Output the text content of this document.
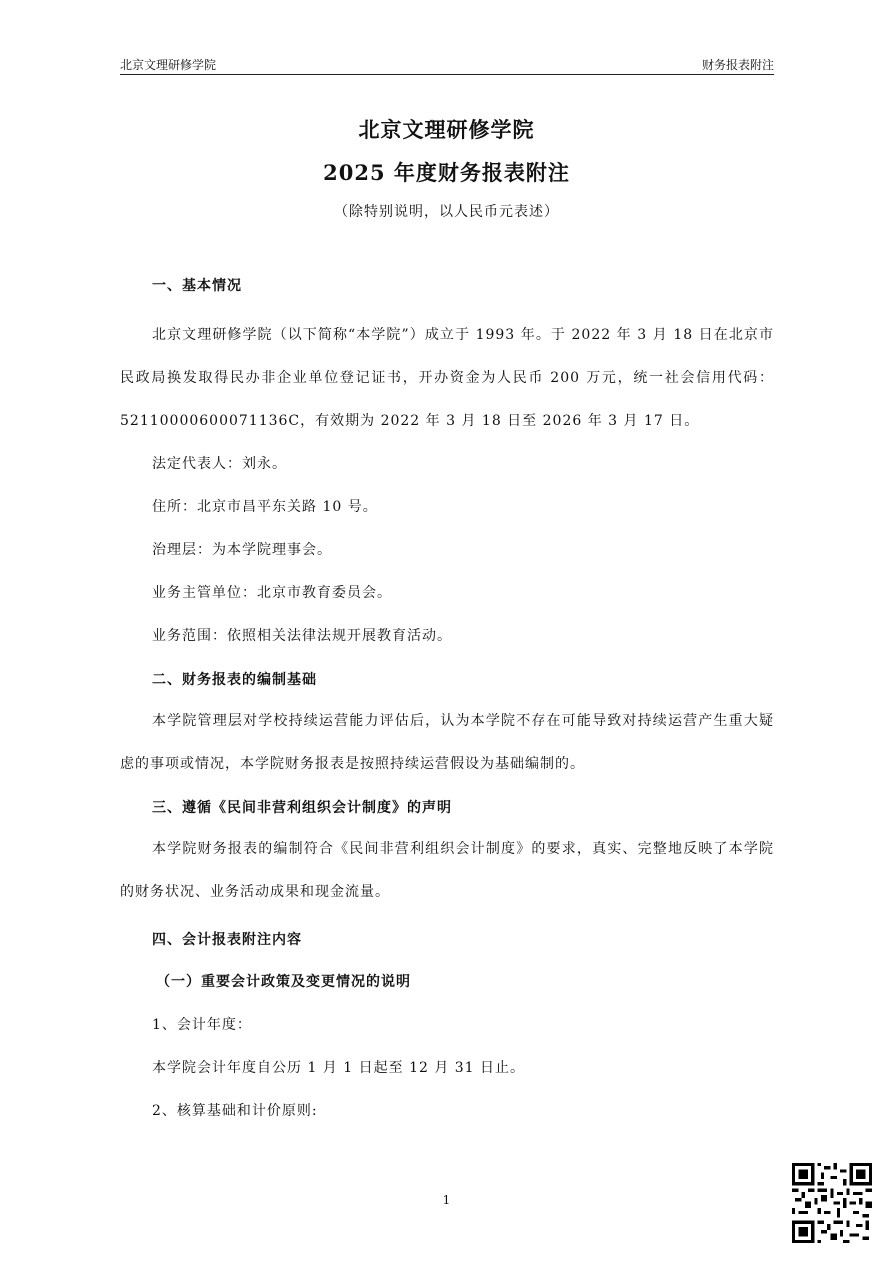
北京文理研修学院	财务报表附注
北京文理研修学院
2025 年度财务报表附注
（除特别说明，以人民币元表述）

一、基本情况

北京文理研修学院（以下简称“本学院”）成立于 1993 年。于 2022 年 3 月 18 日在北京市民政局换发取得民办非企业单位登记证书，开办资金为人民币 200 万元，统一社会信用代码：52110000600071136C，有效期为 2022 年 3 月 18 日至 2026 年 3 月 17 日。

法定代表人：刘永。

住所：北京市昌平东关路 10 号。

治理层：为本学院理事会。

业务主管单位：北京市教育委员会。

业务范围：依照相关法律法规开展教育活动。

二、财务报表的编制基础

本学院管理层对学校持续运营能力评估后，认为本学院不存在可能导致对持续运营产生重大疑虑的事项或情况，本学院财务报表是按照持续运营假设为基础编制的。

三、遵循《民间非营利组织会计制度》的声明

本学院财务报表的编制符合《民间非营利组织会计制度》的要求，真实、完整地反映了本学院的财务状况、业务活动成果和现金流量。

四、会计报表附注内容

（一）重要会计政策及变更情况的说明

1、会计年度：

本学院会计年度自公历 1 月 1 日起至 12 月 31 日止。

2、核算基础和计价原则:

1
